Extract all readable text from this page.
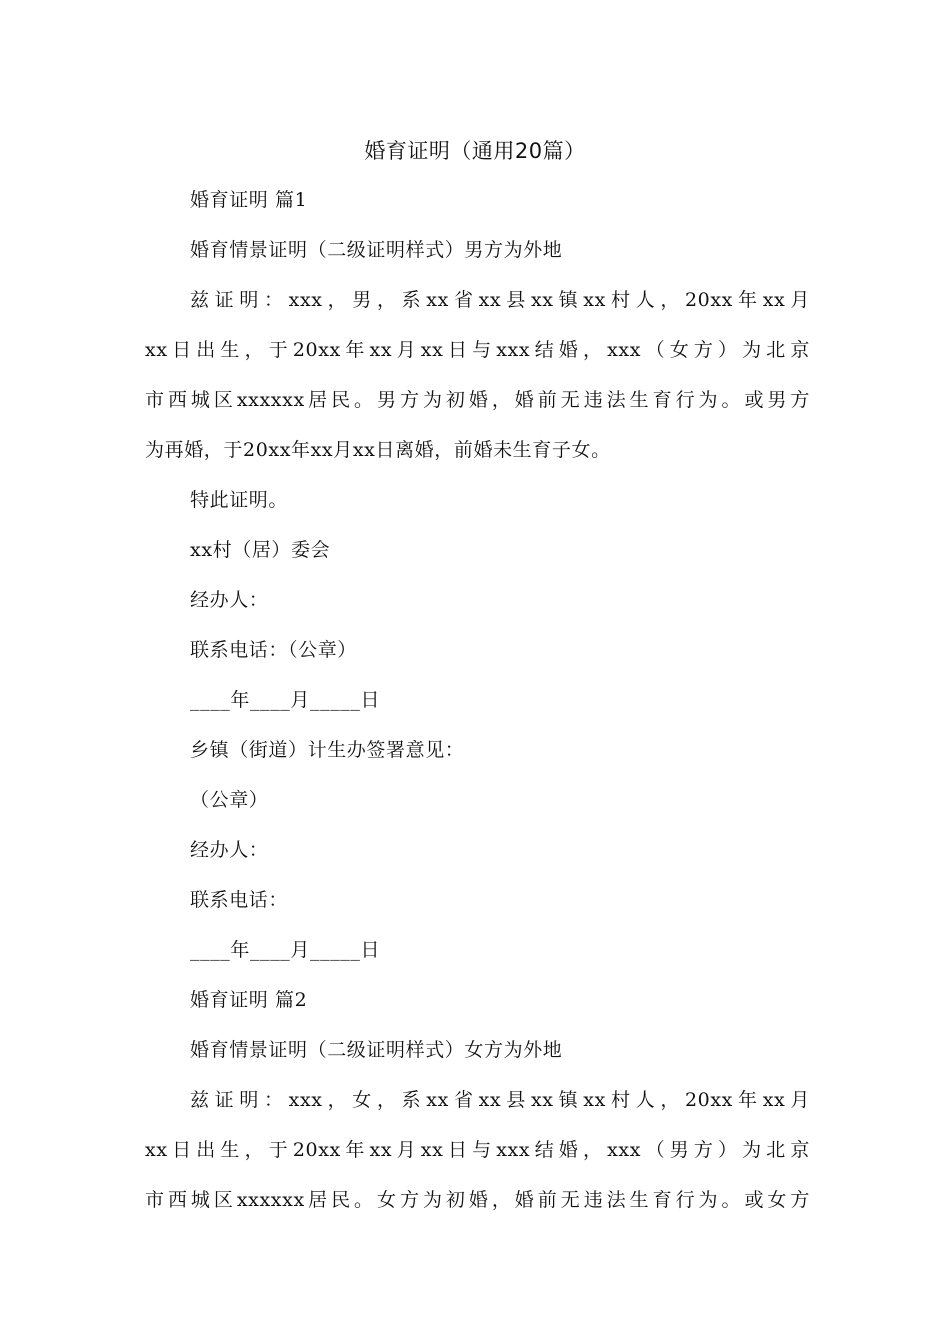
婚育证明（通用20篇）
婚育证明 篇1
婚育情景证明（二级证明样式）男方为外地
兹证明：xxx，男，系xx省xx县xx镇xx村人，20xx年xx月
xx日出生，于20xx年xx月xx日与xxx结婚，xxx（女方）为北京
市西城区xxxxxx居民。男方为初婚，婚前无违法生育行为。或男方
为再婚，于20xx年xx月xx日离婚，前婚未生育子女。
特此证明。
xx村（居）委会
经办人：
联系电话：（公章）
____年____月_____日
乡镇（街道）计生办签署意见：
（公章）
经办人：
联系电话：
____年____月_____日
婚育证明 篇2
婚育情景证明（二级证明样式）女方为外地
兹证明：xxx，女，系xx省xx县xx镇xx村人，20xx年xx月
xx日出生，于20xx年xx月xx日与xxx结婚，xxx（男方）为北京
市西城区xxxxxx居民。女方为初婚，婚前无违法生育行为。或女方
